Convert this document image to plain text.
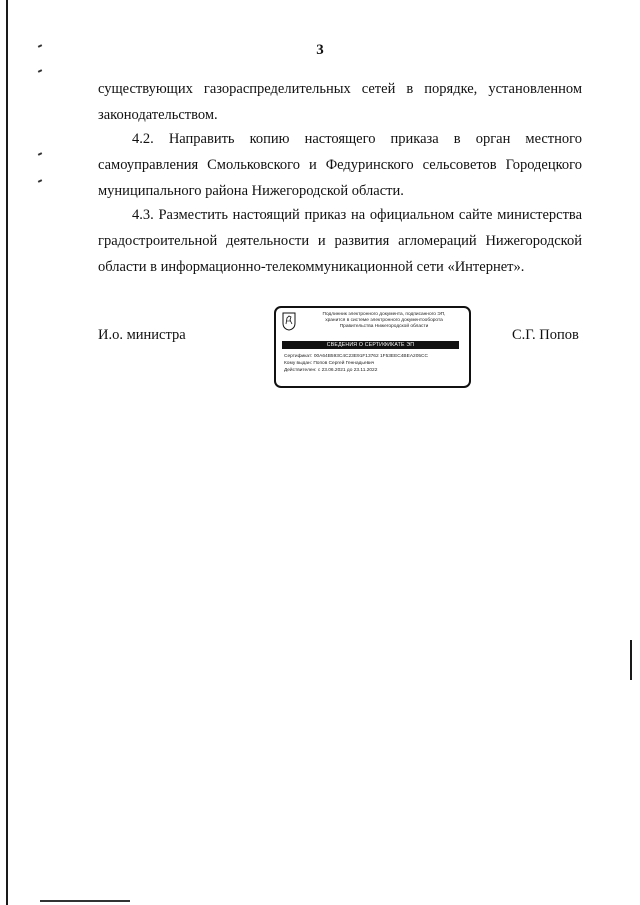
3
существующих газораспределительных сетей в порядке, установленном
законодательством.
4.2. Направить копию настоящего приказа в орган местного
самоуправления Смольковского и Федуринского сельсоветов Городецкого
муниципального района Нижегородской области.
4.3. Разместить настоящий приказ на официальном сайте министерства
градостроительной деятельности и развития агломераций Нижегородской
области в информационно-телекоммуникационной сети «Интернет».
И.о. министра
Подлинник электронного документа, подписанного ЭП,
хранится в системе электронного документооборота
Правительства Нижегородской области
СВЕДЕНИЯ О СЕРТИФИКАТЕ ЭП
Сертификат: 00A64B593C4C23E91F13762 1F53EEC4BEA205CC
Кому выдан: Попов Сергей Геннадьевич
Действителен: с 23.06.2021 до 23.11.2022
С.Г. Попов
